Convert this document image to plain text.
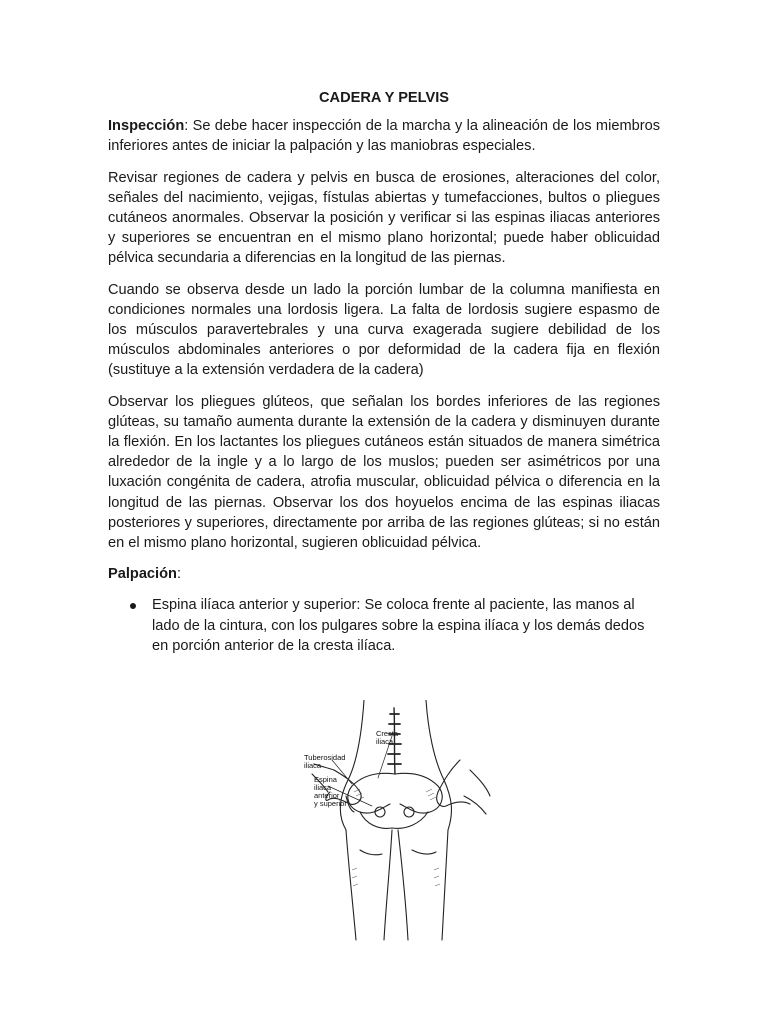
CADERA Y PELVIS

Inspección: Se debe hacer inspección de la marcha y la alineación de los miembros inferiores antes de iniciar la palpación y las maniobras especiales.

Revisar regiones de cadera y pelvis en busca de erosiones, alteraciones del color, señales del nacimiento, vejigas, fístulas abiertas y tumefacciones, bultos o pliegues cutáneos anormales. Observar la posición y verificar si las espinas iliacas anteriores y superiores se encuentran en el mismo plano horizontal; puede haber oblicuidad pélvica secundaria a diferencias en la longitud de las piernas.

Cuando se observa desde un lado la porción lumbar de la columna manifiesta en condiciones normales una lordosis ligera. La falta de lordosis sugiere espasmo de los músculos paravertebrales y una curva exagerada sugiere debilidad de los músculos abdominales anteriores o por deformidad de la cadera fija en flexión (sustituye a la extensión verdadera de la cadera)

Observar los pliegues glúteos, que señalan los bordes inferiores de las regiones glúteas, su tamaño aumenta durante la extensión de la cadera y disminuyen durante la flexión. En los lactantes los pliegues cutáneos están situados de manera simétrica alrededor de la ingle y a lo largo de los muslos; pueden ser asimétricos por una luxación congénita de cadera, atrofia muscular, oblicuidad pélvica o diferencia en la longitud de las piernas. Observar los dos hoyuelos encima de las espinas iliacas posteriores y superiores, directamente por arriba de las regiones glúteas; si no están en el mismo plano horizontal, sugieren oblicuidad pélvica.

Palpación:

Espina ilíaca anterior y superior: Se coloca frente al paciente, las manos al lado de la cintura, con los pulgares sobre la espina ilíaca y los demás dedos en porción anterior de la cresta ilíaca.
Cresta
iliaca
Tuberosidad
iliaca
Espina
iliaca
anterior
y superior
